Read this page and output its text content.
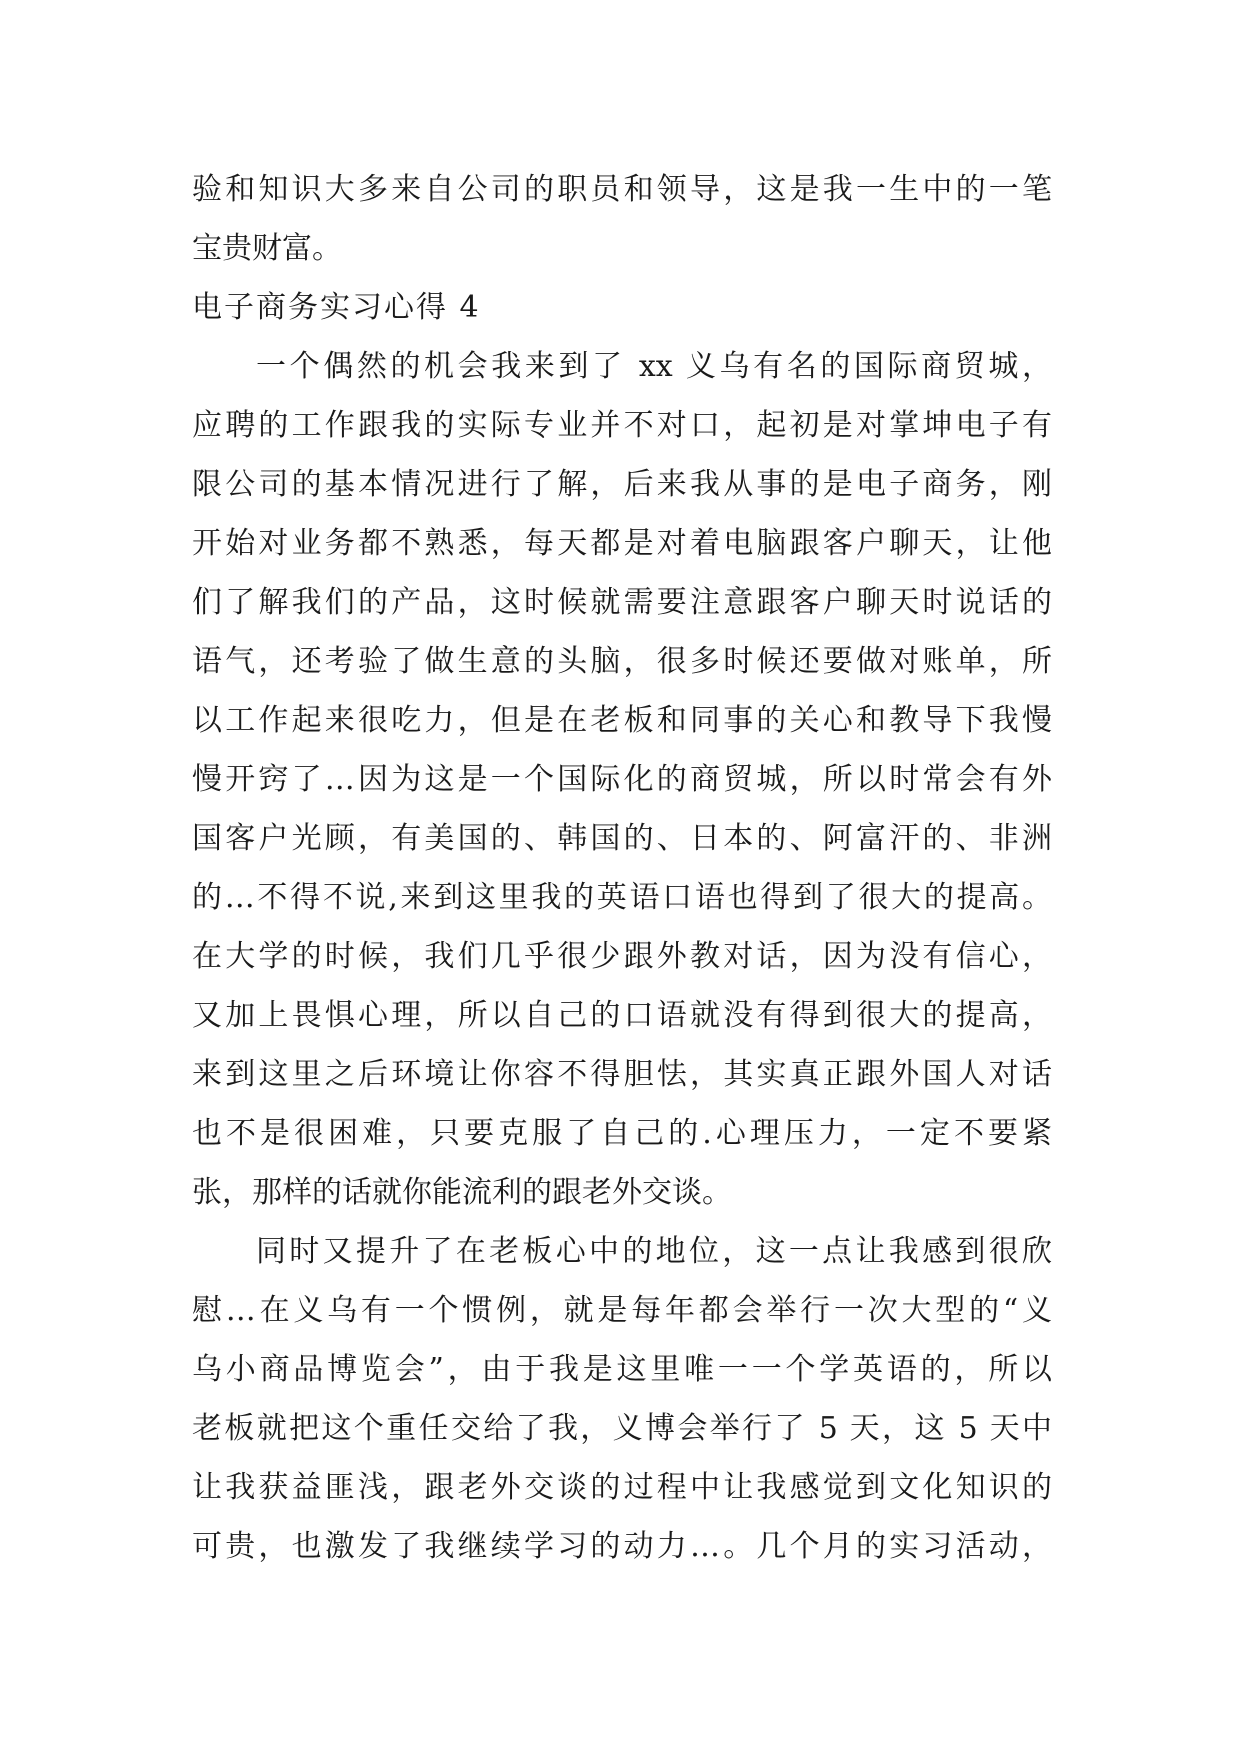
验和知识大多来自公司的职员和领导，这是我一生中的一笔
宝贵财富。
电子商务实习心得 4
一个偶然的机会我来到了 xx 义乌有名的国际商贸城，
应聘的工作跟我的实际专业并不对口，起初是对掌坤电子有
限公司的基本情况进行了解，后来我从事的是电子商务，刚
开始对业务都不熟悉，每天都是对着电脑跟客户聊天，让他
们了解我们的产品，这时候就需要注意跟客户聊天时说话的
语气，还考验了做生意的头脑，很多时候还要做对账单，所
以工作起来很吃力，但是在老板和同事的关心和教导下我慢
慢开窍了…因为这是一个国际化的商贸城，所以时常会有外
国客户光顾，有美国的、韩国的、日本的、阿富汗的、非洲
的…不得不说,来到这里我的英语口语也得到了很大的提高。
在大学的时候，我们几乎很少跟外教对话，因为没有信心，
又加上畏惧心理，所以自己的口语就没有得到很大的提高，
来到这里之后环境让你容不得胆怯，其实真正跟外国人对话
也不是很困难，只要克服了自己的.心理压力，一定不要紧
张，那样的话就你能流利的跟老外交谈。
同时又提升了在老板心中的地位，这一点让我感到很欣
慰…在义乌有一个惯例，就是每年都会举行一次大型的“义
乌小商品博览会”，由于我是这里唯一一个学英语的，所以
老板就把这个重任交给了我，义博会举行了 5 天，这 5 天中
让我获益匪浅，跟老外交谈的过程中让我感觉到文化知识的
可贵，也激发了我继续学习的动力…。几个月的实习活动，
